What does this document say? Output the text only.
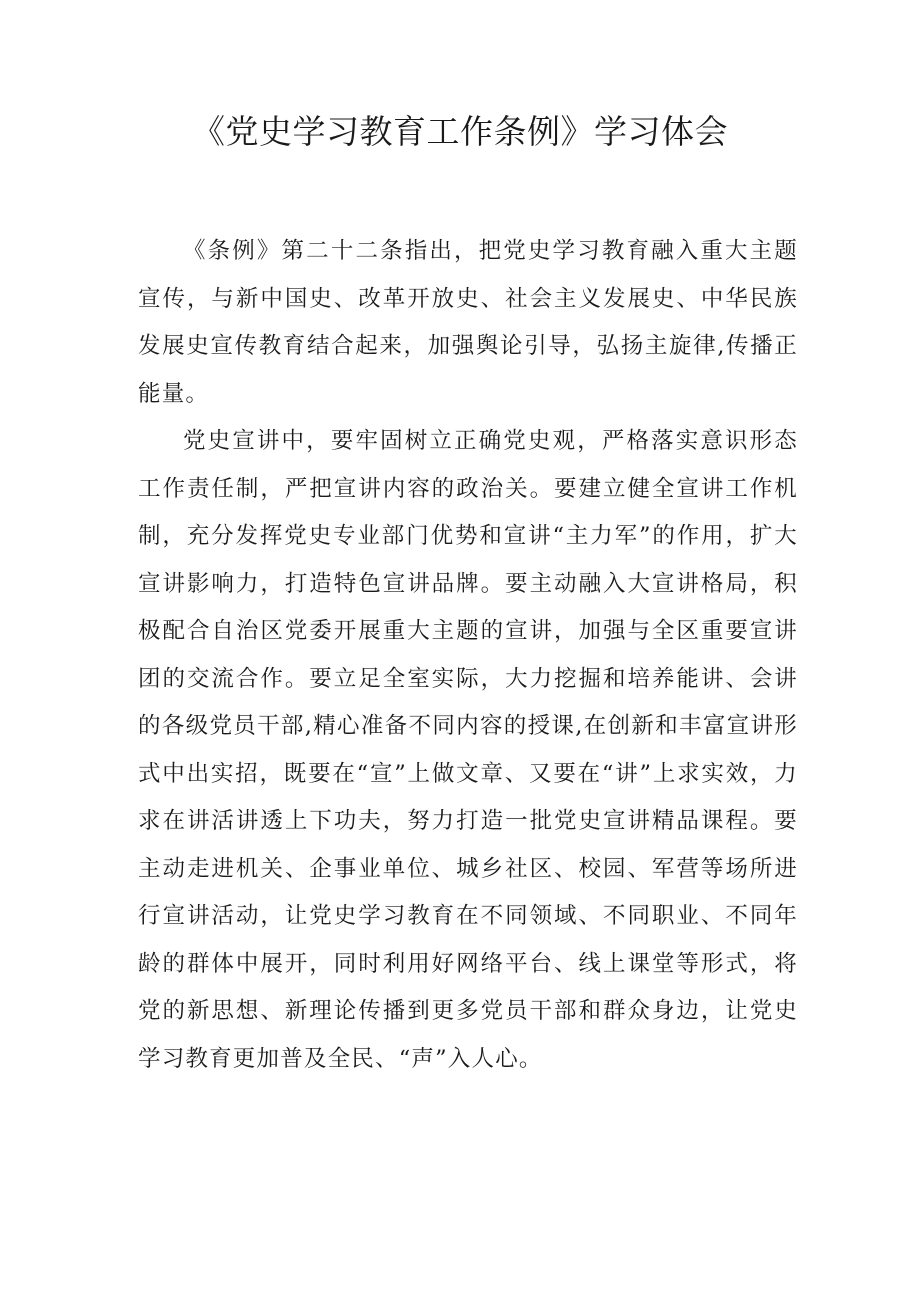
《党史学习教育工作条例》学习体会

《条例》第二十二条指出，把党史学习教育融入重大主题宣传，与新中国史、改革开放史、社会主义发展史、中华民族发展史宣传教育结合起来，加强舆论引导，弘扬主旋律,传播正能量。

党史宣讲中，要牢固树立正确党史观，严格落实意识形态工作责任制，严把宣讲内容的政治关。要建立健全宣讲工作机制，充分发挥党史专业部门优势和宣讲“主力军”的作用，扩大宣讲影响力，打造特色宣讲品牌。要主动融入大宣讲格局，积极配合自治区党委开展重大主题的宣讲，加强与全区重要宣讲团的交流合作。要立足全室实际，大力挖掘和培养能讲、会讲的各级党员干部,精心准备不同内容的授课,在创新和丰富宣讲形式中出实招，既要在“宣”上做文章、又要在“讲”上求实效，力求在讲活讲透上下功夫，努力打造一批党史宣讲精品课程。要主动走进机关、企事业单位、城乡社区、校园、军营等场所进行宣讲活动，让党史学习教育在不同领域、不同职业、不同年龄的群体中展开，同时利用好网络平台、线上课堂等形式，将党的新思想、新理论传播到更多党员干部和群众身边，让党史学习教育更加普及全民、“声”入人心。
